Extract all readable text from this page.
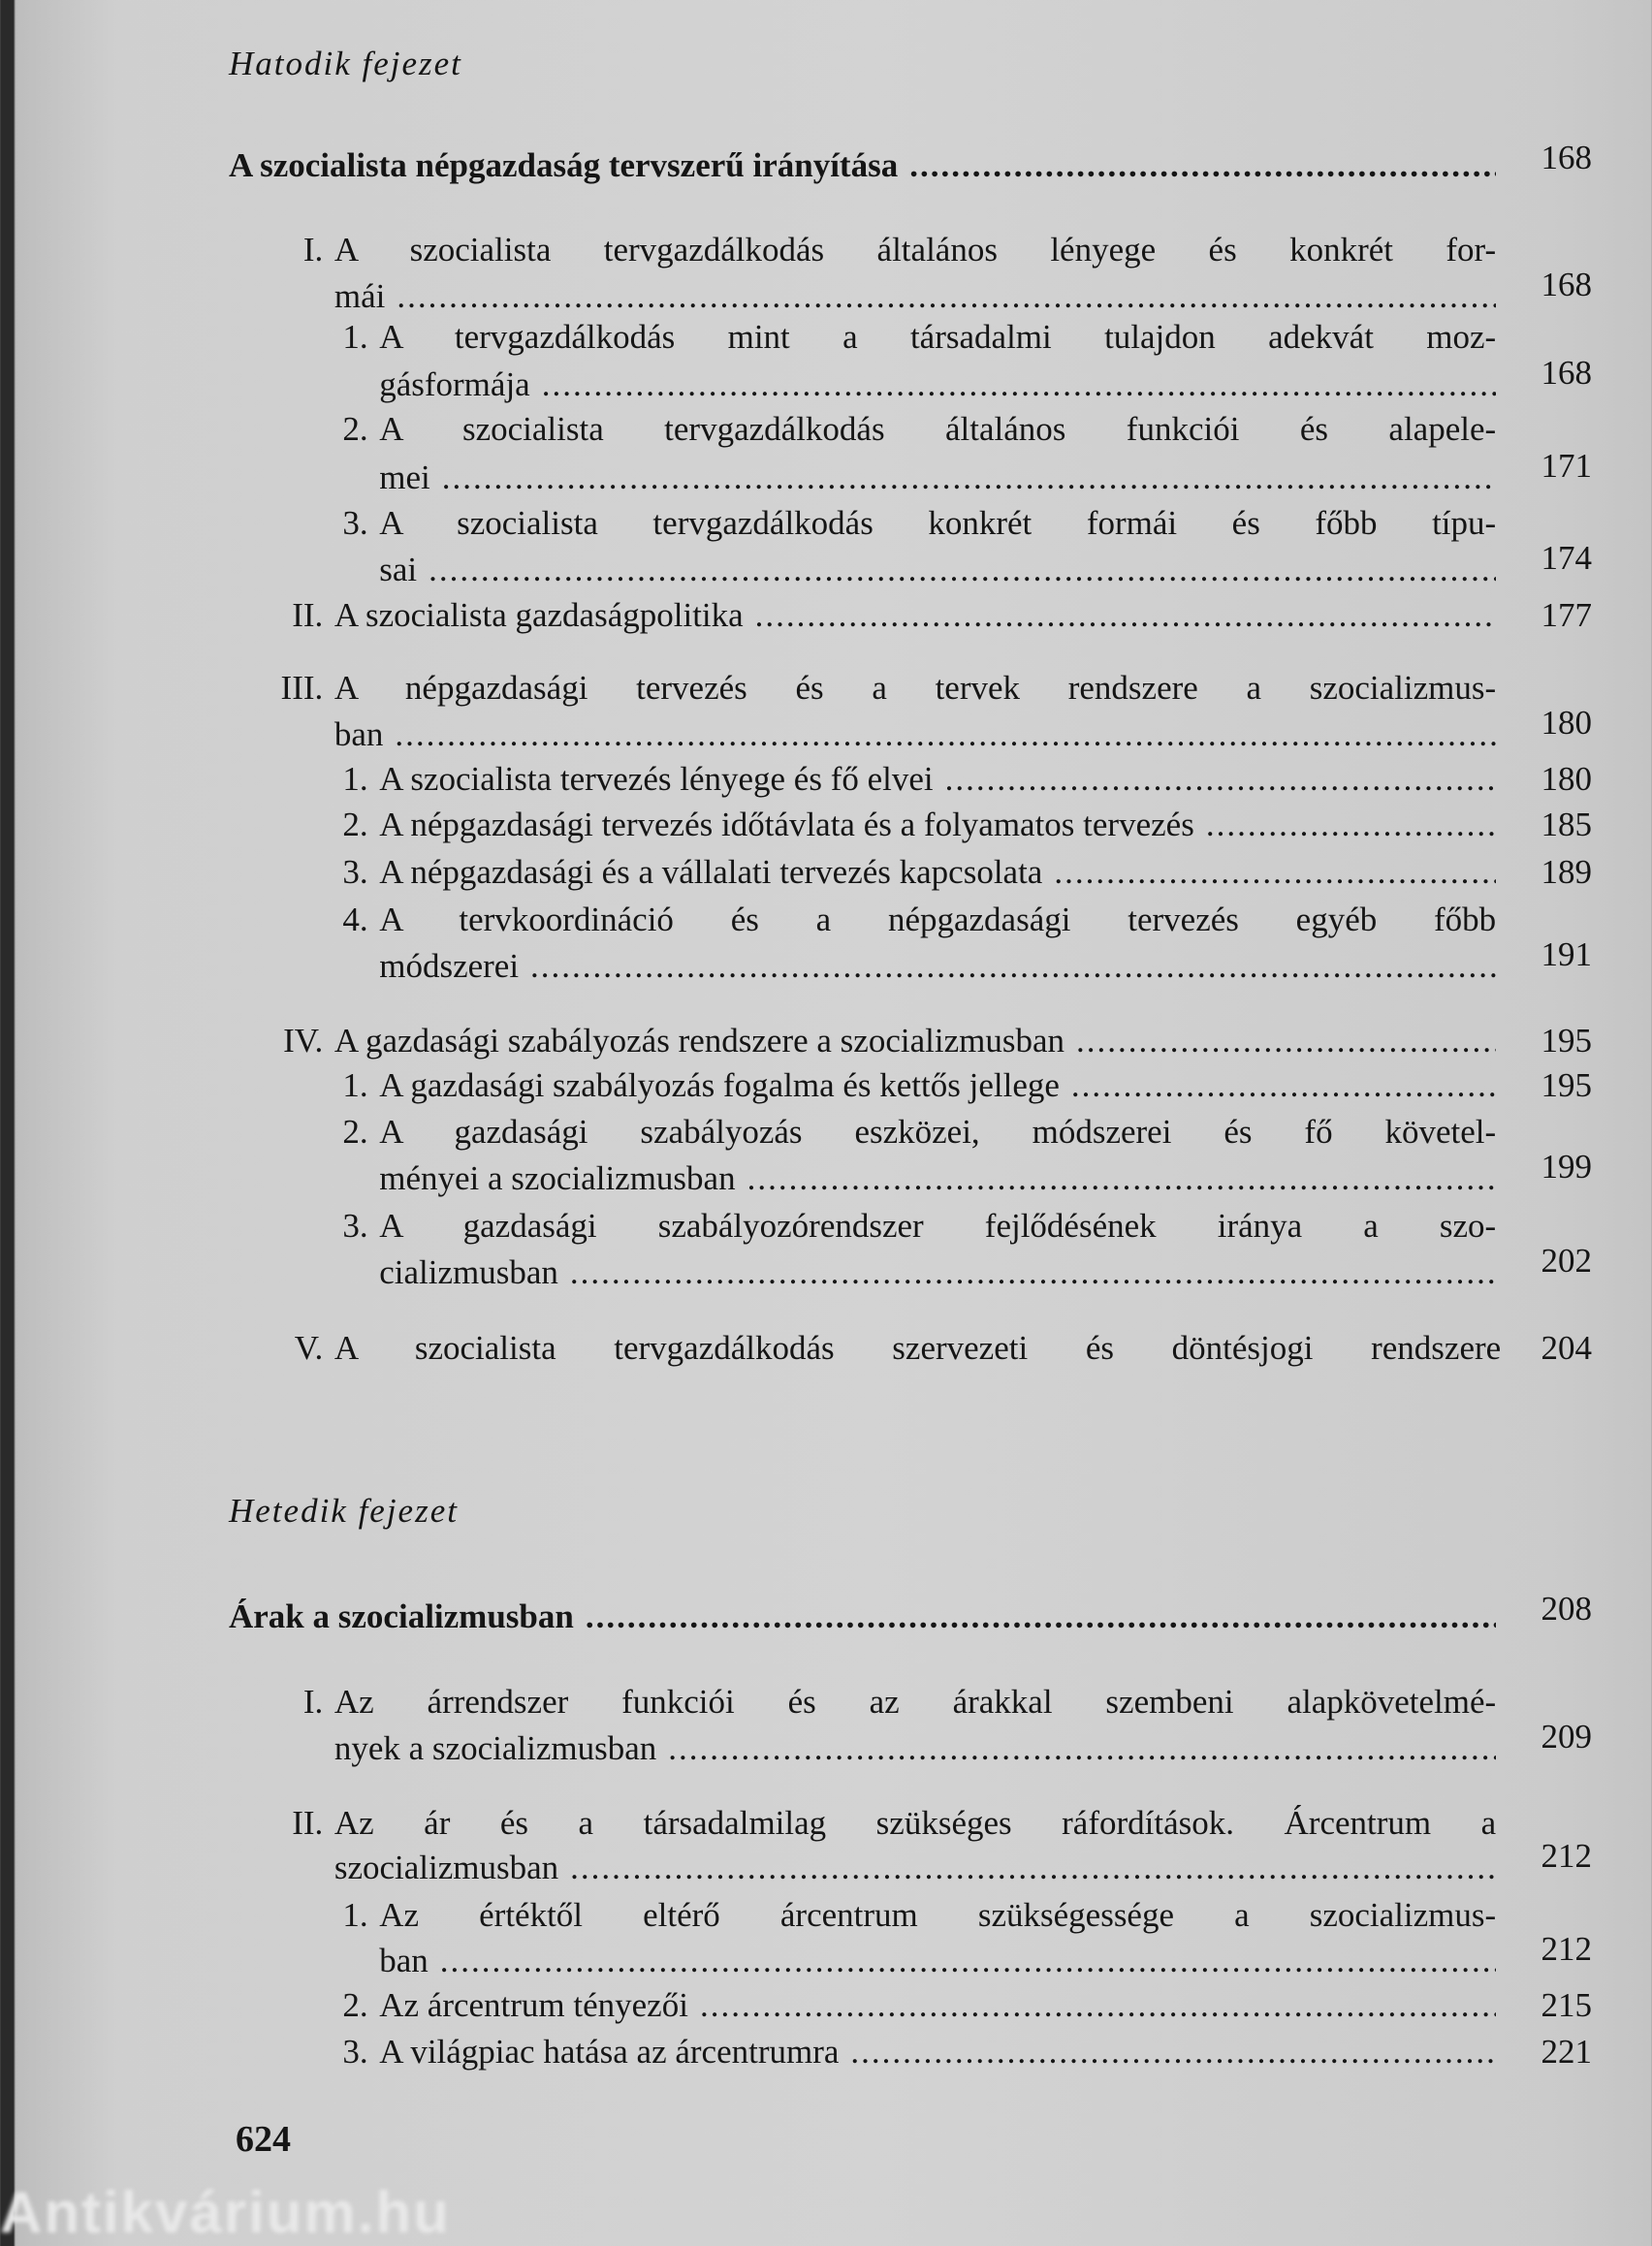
Hatodik fejezet
A szocialista népgazdaság tervszerű irányítása .....	168
I. A szocialista tervgazdálkodás általános lényege és konkrét for-
mái .....	168
1. A tervgazdálkodás mint a társadalmi tulajdon adekvát moz-
gásformája .....	168
2. A szocialista tervgazdálkodás általános funkciói és alapele-
mei .....	171
3. A szocialista tervgazdálkodás konkrét formái és főbb típu-
sai .....	174
II. A szocialista gazdaságpolitika .....	177
III. A népgazdasági tervezés és a tervek rendszere a szocializmus-
ban .....	180
1. A szocialista tervezés lényege és fő elvei .....	180
2. A népgazdasági tervezés időtávlata és a folyamatos tervezés .....	185
3. A népgazdasági és a vállalati tervezés kapcsolata .....	189
4. A tervkoordináció és a népgazdasági tervezés egyéb főbb
módszerei .....	191
IV. A gazdasági szabályozás rendszere a szocializmusban .....	195
1. A gazdasági szabályozás fogalma és kettős jellege .....	195
2. A gazdasági szabályozás eszközei, módszerei és fő követel-
ményei a szocializmusban .....	199
3. A gazdasági szabályozórendszer fejlődésének iránya a szo-
cializmusban .....	202
V. A szocialista tervgazdálkodás szervezeti és döntésjogi rendszere 204
Hetedik fejezet
Árak a szocializmusban .....	208
I. Az árrendszer funkciói és az árakkal szembeni alapkövetelmé-
nyek a szocializmusban .....	209
II. Az ár és a társadalmilag szükséges ráfordítások. Árcentrum a
szocializmusban .....	212
1. Az értéktől eltérő árcentrum szükségessége a szocializmus-
ban .....	212
2. Az árcentrum tényezői .....	215
3. A világpiac hatása az árcentrumra .....	221
624
Antikvárium.hu
